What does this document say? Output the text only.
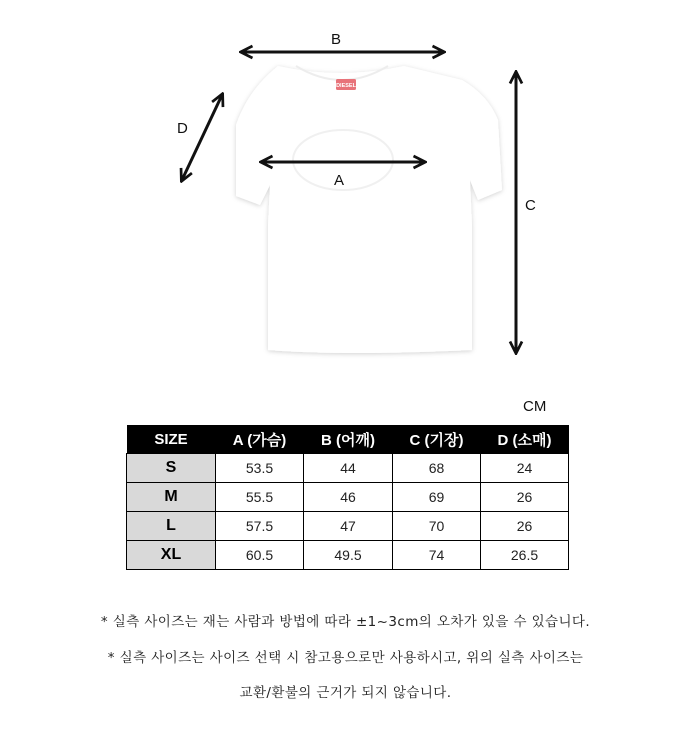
DIESEL
B
A
D
C
CM
SIZE	A (가슴)	B (어깨)	C (기장)	D (소매)
S	53.5	44	68	24
M	55.5	46	69	26
L	57.5	47	70	26
XL	60.5	49.5	74	26.5
* 실측 사이즈는 재는 사람과 방법에 따라 ±1~3cm의 오차가 있을 수 있습니다.
* 실측 사이즈는 사이즈 선택 시 참고용으로만 사용하시고, 위의 실측 사이즈는
교환/환불의 근거가 되지 않습니다.
